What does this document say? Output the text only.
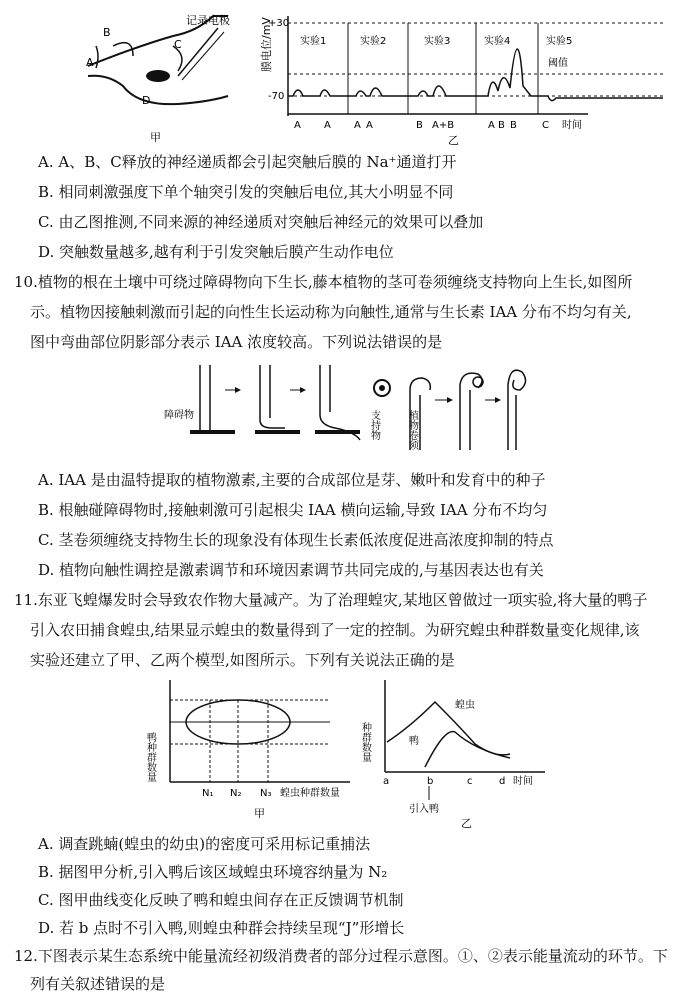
A
B
C
D
记录电极
甲
膜电位/mV
+30
-70
实验1	实验2	实验3	实验4	实验5
阈值
A A A A	B A+B	A B B	C 时间
乙
A. A、B、C释放的神经递质都会引起突触后膜的 Na⁺通道打开
B. 相同刺激强度下单个轴突引发的突触后电位,其大小明显不同
C. 由乙图推测,不同来源的神经递质对突触后神经元的效果可以叠加
D. 突触数量越多,越有利于引发突触后膜产生动作电位
10.植物的根在土壤中可绕过障碍物向下生长,藤本植物的茎可卷须缠绕支持物向上生长,如图所
示。植物因接触刺激而引起的向性生长运动称为向触性,通常与生长素 IAA 分布不均匀有关,
图中弯曲部位阴影部分表示 IAA 浓度较高。下列说法错误的是
障碍物	支持物	植物卷须
A. IAA 是由温特提取的植物激素,主要的合成部位是芽、嫩叶和发育中的种子
B. 根触碰障碍物时,接触刺激可引起根尖 IAA 横向运输,导致 IAA 分布不均匀
C. 茎卷须缠绕支持物生长的现象没有体现生长素低浓度促进高浓度抑制的特点
D. 植物向触性调控是激素调节和环境因素调节共同完成的,与基因表达也有关
11.东亚飞蝗爆发时会导致农作物大量减产。为了治理蝗灾,某地区曾做过一项实验,将大量的鸭子
引入农田捕食蝗虫,结果显示蝗虫的数量得到了一定的控制。为研究蝗虫种群数量变化规律,该
实验还建立了甲、乙两个模型,如图所示。下列有关说法正确的是
鸭种群数量
N₁ N₂ N₃ 蝗虫种群数量
甲
种群数量
蝗虫
鸭
a	b	c	d 时间
引入鸭
乙
A. 调查跳蝻(蝗虫的幼虫)的密度可采用标记重捕法
B. 据图甲分析,引入鸭后该区域蝗虫环境容纳量为 N₂
C. 图甲曲线变化反映了鸭和蝗虫间存在正反馈调节机制
D. 若 b 点时不引入鸭,则蝗虫种群会持续呈现“J”形增长
12.下图表示某生态系统中能量流经初级消费者的部分过程示意图。①、②表示能量流动的环节。下
列有关叙述错误的是
